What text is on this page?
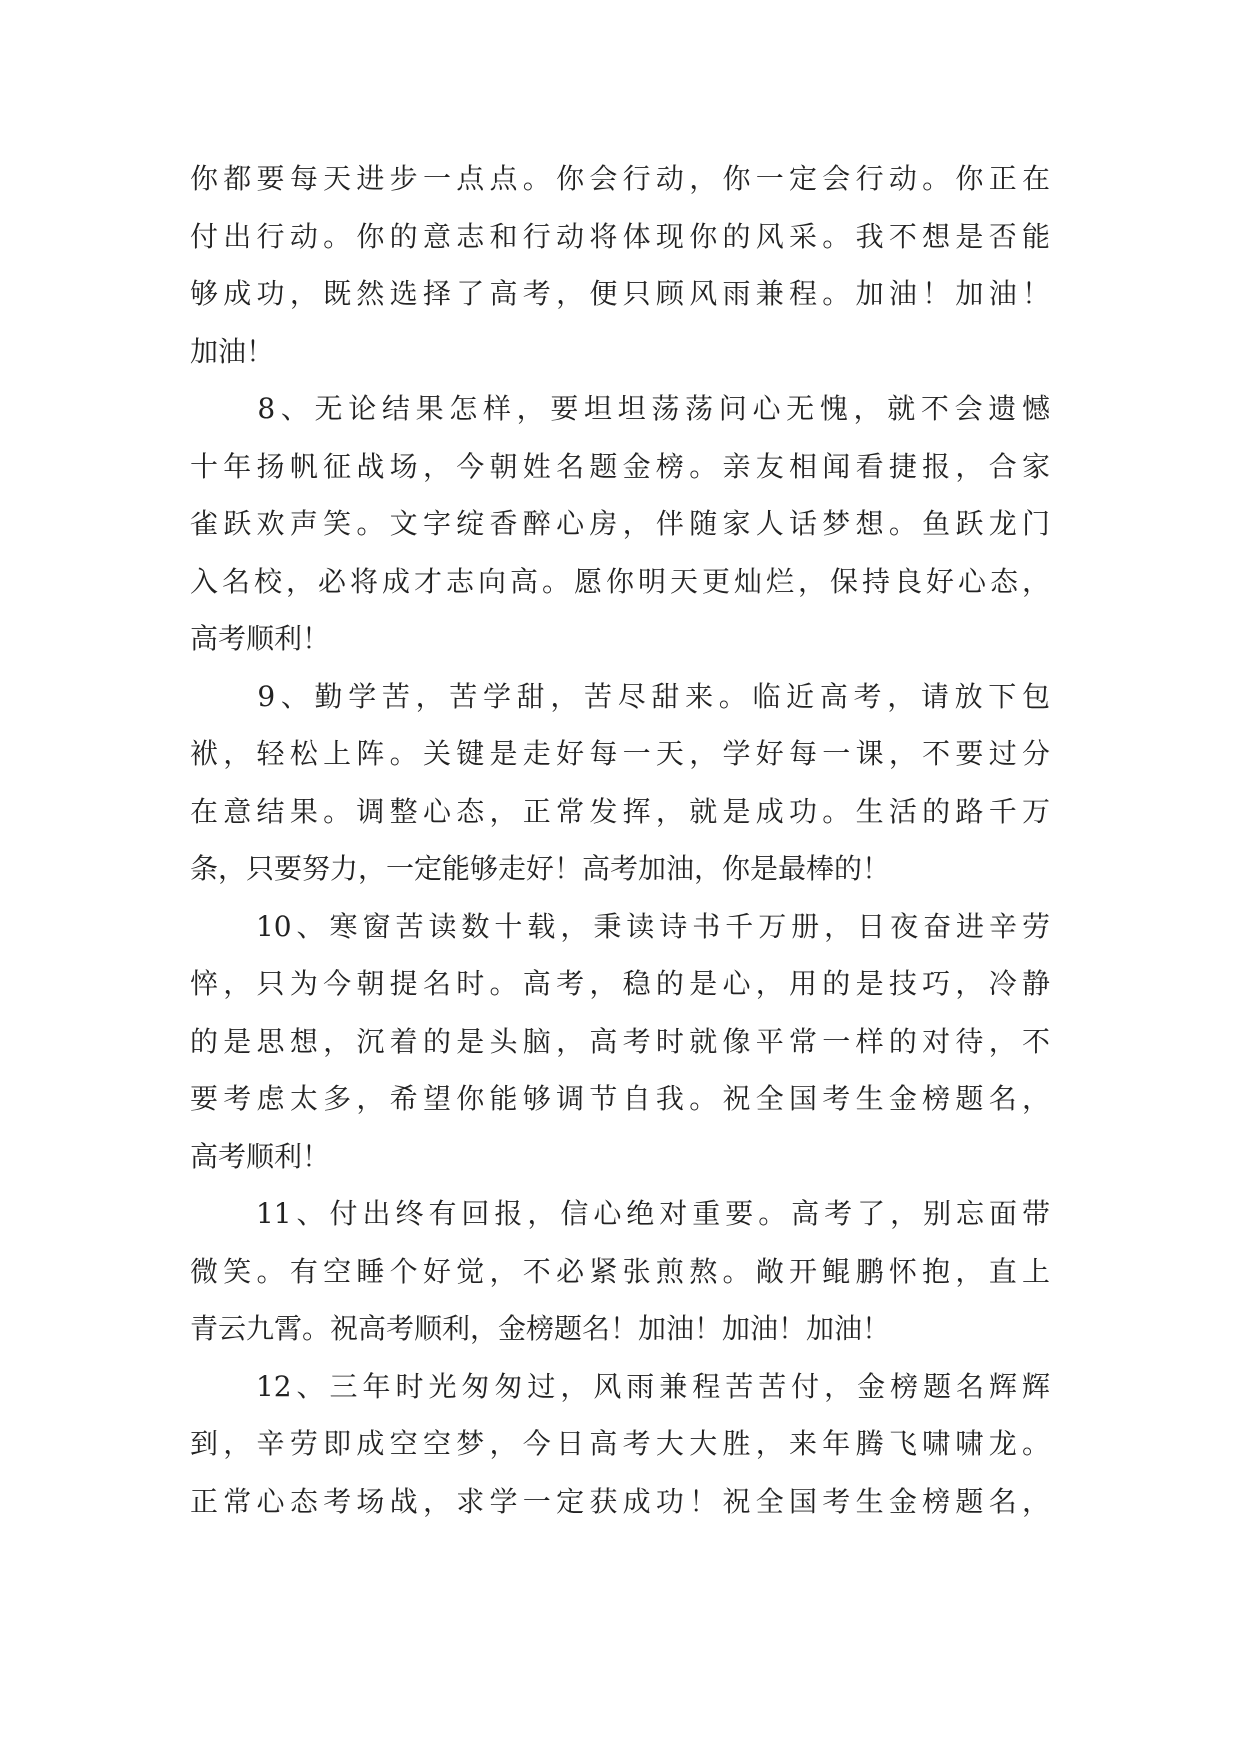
你都要每天进步一点点。你会行动，你一定会行动。你正在
付出行动。你的意志和行动将体现你的风采。我不想是否能
够成功，既然选择了高考，便只顾风雨兼程。加油！加油！
加油！
　　8、无论结果怎样，要坦坦荡荡问心无愧，就不会遗憾
十年扬帆征战场，今朝姓名题金榜。亲友相闻看捷报，合家
雀跃欢声笑。文字绽香醉心房，伴随家人话梦想。鱼跃龙门
入名校，必将成才志向高。愿你明天更灿烂，保持良好心态，
高考顺利！
　　9、勤学苦，苦学甜，苦尽甜来。临近高考，请放下包
袱，轻松上阵。关键是走好每一天，学好每一课，不要过分
在意结果。调整心态，正常发挥，就是成功。生活的路千万
条，只要努力，一定能够走好！高考加油，你是最棒的！
　　10、寒窗苦读数十载，秉读诗书千万册，日夜奋进辛劳
悴，只为今朝提名时。高考，稳的是心，用的是技巧，冷静
的是思想，沉着的是头脑，高考时就像平常一样的对待，不
要考虑太多，希望你能够调节自我。祝全国考生金榜题名，
高考顺利！
　　11、付出终有回报，信心绝对重要。高考了，别忘面带
微笑。有空睡个好觉，不必紧张煎熬。敞开鲲鹏怀抱，直上
青云九霄。祝高考顺利，金榜题名！加油！加油！加油！
　　12、三年时光匆匆过，风雨兼程苦苦付，金榜题名辉辉
到，辛劳即成空空梦，今日高考大大胜，来年腾飞啸啸龙。
正常心态考场战，求学一定获成功！祝全国考生金榜题名，
